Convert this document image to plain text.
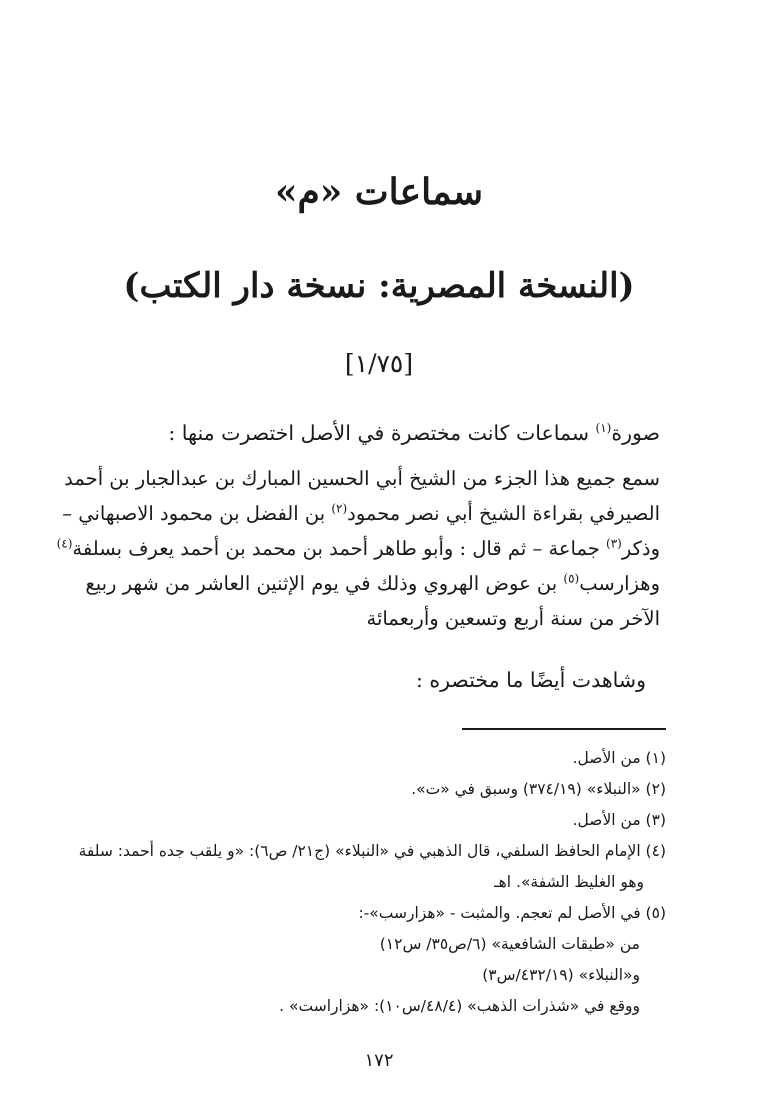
سماعات «م»
(النسخة المصرية: نسخة دار الكتب)
[١/٧٥]
صورة$^{(١)}$ سماعات كانت مختصرة في الأصل اختصرت منها :
سمع جميع هذا الجزء من الشيخ أبي الحسين المبارك بن عبدالجبار بن أحمد
الصيرفي بقراءة الشيخ أبي نصر محمود$^{(٢)}$ بن الفضل بن محمود الاصبهاني –
وذكر$^{(٣)}$ جماعة – ثم قال : وأبو طاهر أحمد بن محمد بن أحمد يعرف بسلفة$^{(٤)}$
وهزارسب$^{(٥)}$ بن عوض الهروي وذلك في يوم الإثنين العاشر من شهر ربيع
الآخر من سنة أربع وتسعين وأربعمائة
وشاهدت أيضًا ما مختصره :
(١) من الأصل.
(٢) «النبلاء» (٣٧٤/١٩) وسبق في «ت».
(٣) من الأصل.
(٤) الإمام الحافظ السلفي، قال الذهبي في «النبلاء» (ج٢١/ ص٦): «و يلقب جده أحمد: سلفة
وهو الغليظ الشفة». اهـ
(٥) في الأصل لم تعجم. والمثبت - «هزارسب»-:
من «طبقات الشافعية» (٦/ص٣٥/ س١٢)
و«النبلاء» (٤٣٢/١٩/س٣)
ووقع في «شذرات الذهب» (٤٨/٤/س١٠): «هزاراست» .
١٧٢
